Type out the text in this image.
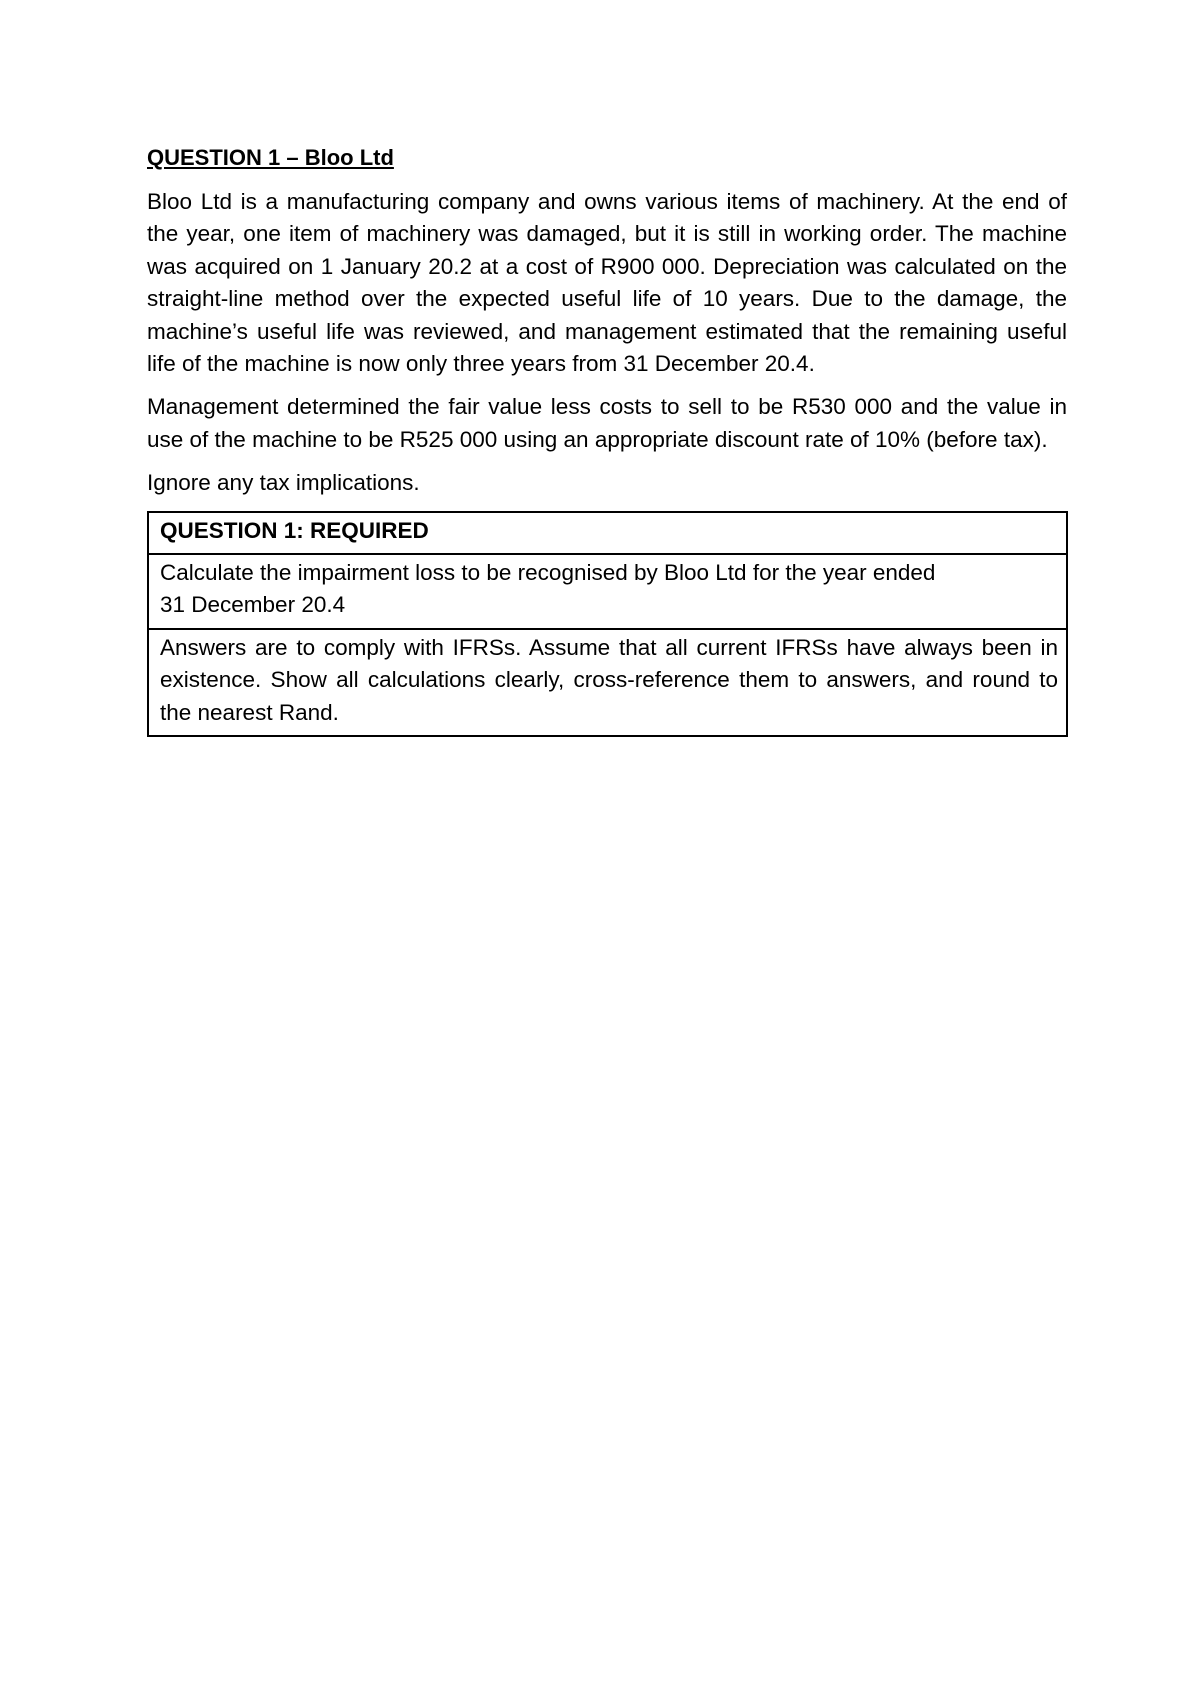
QUESTION 1 – Bloo Ltd

Bloo Ltd is a manufacturing company and owns various items of machinery. At the end of the year, one item of machinery was damaged, but it is still in working order. The machine was acquired on 1 January 20.2 at a cost of R900 000. Depreciation was calculated on the straight-line method over the expected useful life of 10 years. Due to the damage, the machine’s useful life was reviewed, and management estimated that the remaining useful life of the machine is now only three years from 31 December 20.4.

Management determined the fair value less costs to sell to be R530 000 and the value in use of the machine to be R525 000 using an appropriate discount rate of 10% (before tax).

Ignore any tax implications.

QUESTION 1: REQUIRED
Calculate the impairment loss to be recognised by Bloo Ltd for the year ended
31 December 20.4
Answers are to comply with IFRSs. Assume that all current IFRSs have always been in existence. Show all calculations clearly, cross-reference them to answers, and round to the nearest Rand.
